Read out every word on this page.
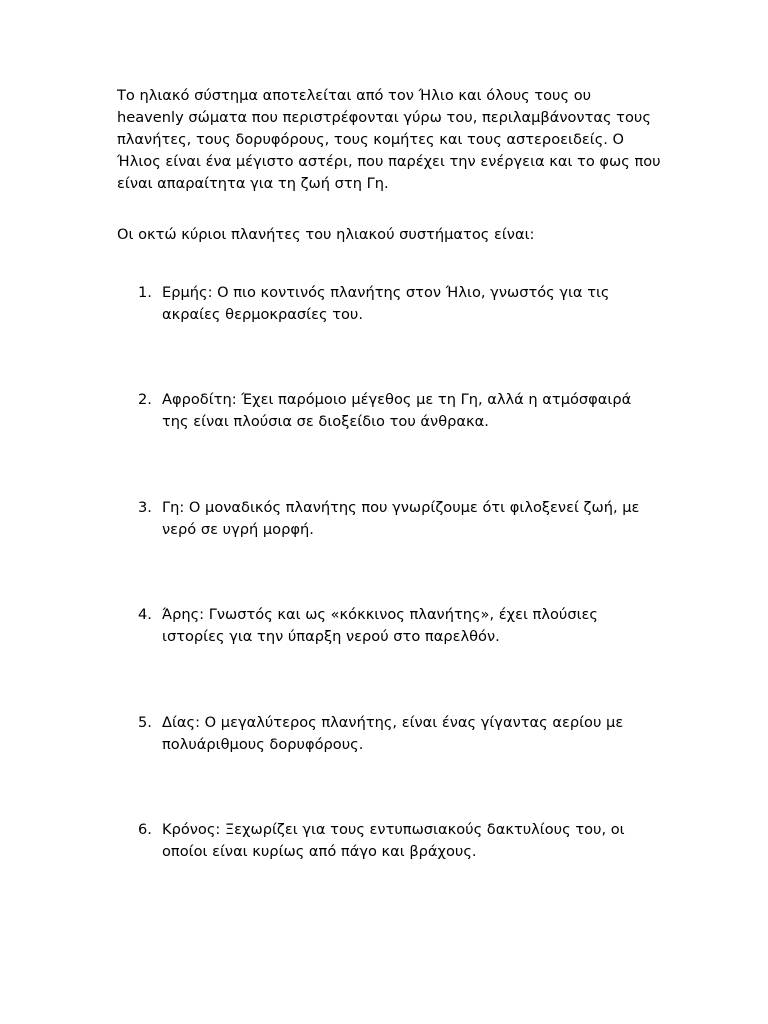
Το ηλιακό σύστημα αποτελείται από τον Ήλιο και όλους τους ου heavenly σώματα που περιστρέφονται γύρω του, περιλαμβάνοντας τους πλανήτες, τους δορυφόρους, τους κομήτες και τους αστεροειδείς. Ο Ήλιος είναι ένα μέγιστο αστέρι, που παρέχει την ενέργεια και το φως που είναι απαραίτητα για τη ζωή στη Γη.

Οι οκτώ κύριοι πλανήτες του ηλιακού συστήματος είναι:

1. Ερμής: Ο πιο κοντινός πλανήτης στον Ήλιο, γνωστός για τις ακραίες θερμοκρασίες του.
2. Αφροδίτη: Έχει παρόμοιο μέγεθος με τη Γη, αλλά η ατμόσφαιρά της είναι πλούσια σε διοξείδιο του άνθρακα.
3. Γη: Ο μοναδικός πλανήτης που γνωρίζουμε ότι φιλοξενεί ζωή, με νερό σε υγρή μορφή.
4. Άρης: Γνωστός και ως «κόκκινος πλανήτης», έχει πλούσιες ιστορίες για την ύπαρξη νερού στο παρελθόν.
5. Δίας: Ο μεγαλύτερος πλανήτης, είναι ένας γίγαντας αερίου με πολυάριθμους δορυφόρους.
6. Κρόνος: Ξεχωρίζει για τους εντυπωσιακούς δακτυλίους του, οι οποίοι είναι κυρίως από πάγο και βράχους.
